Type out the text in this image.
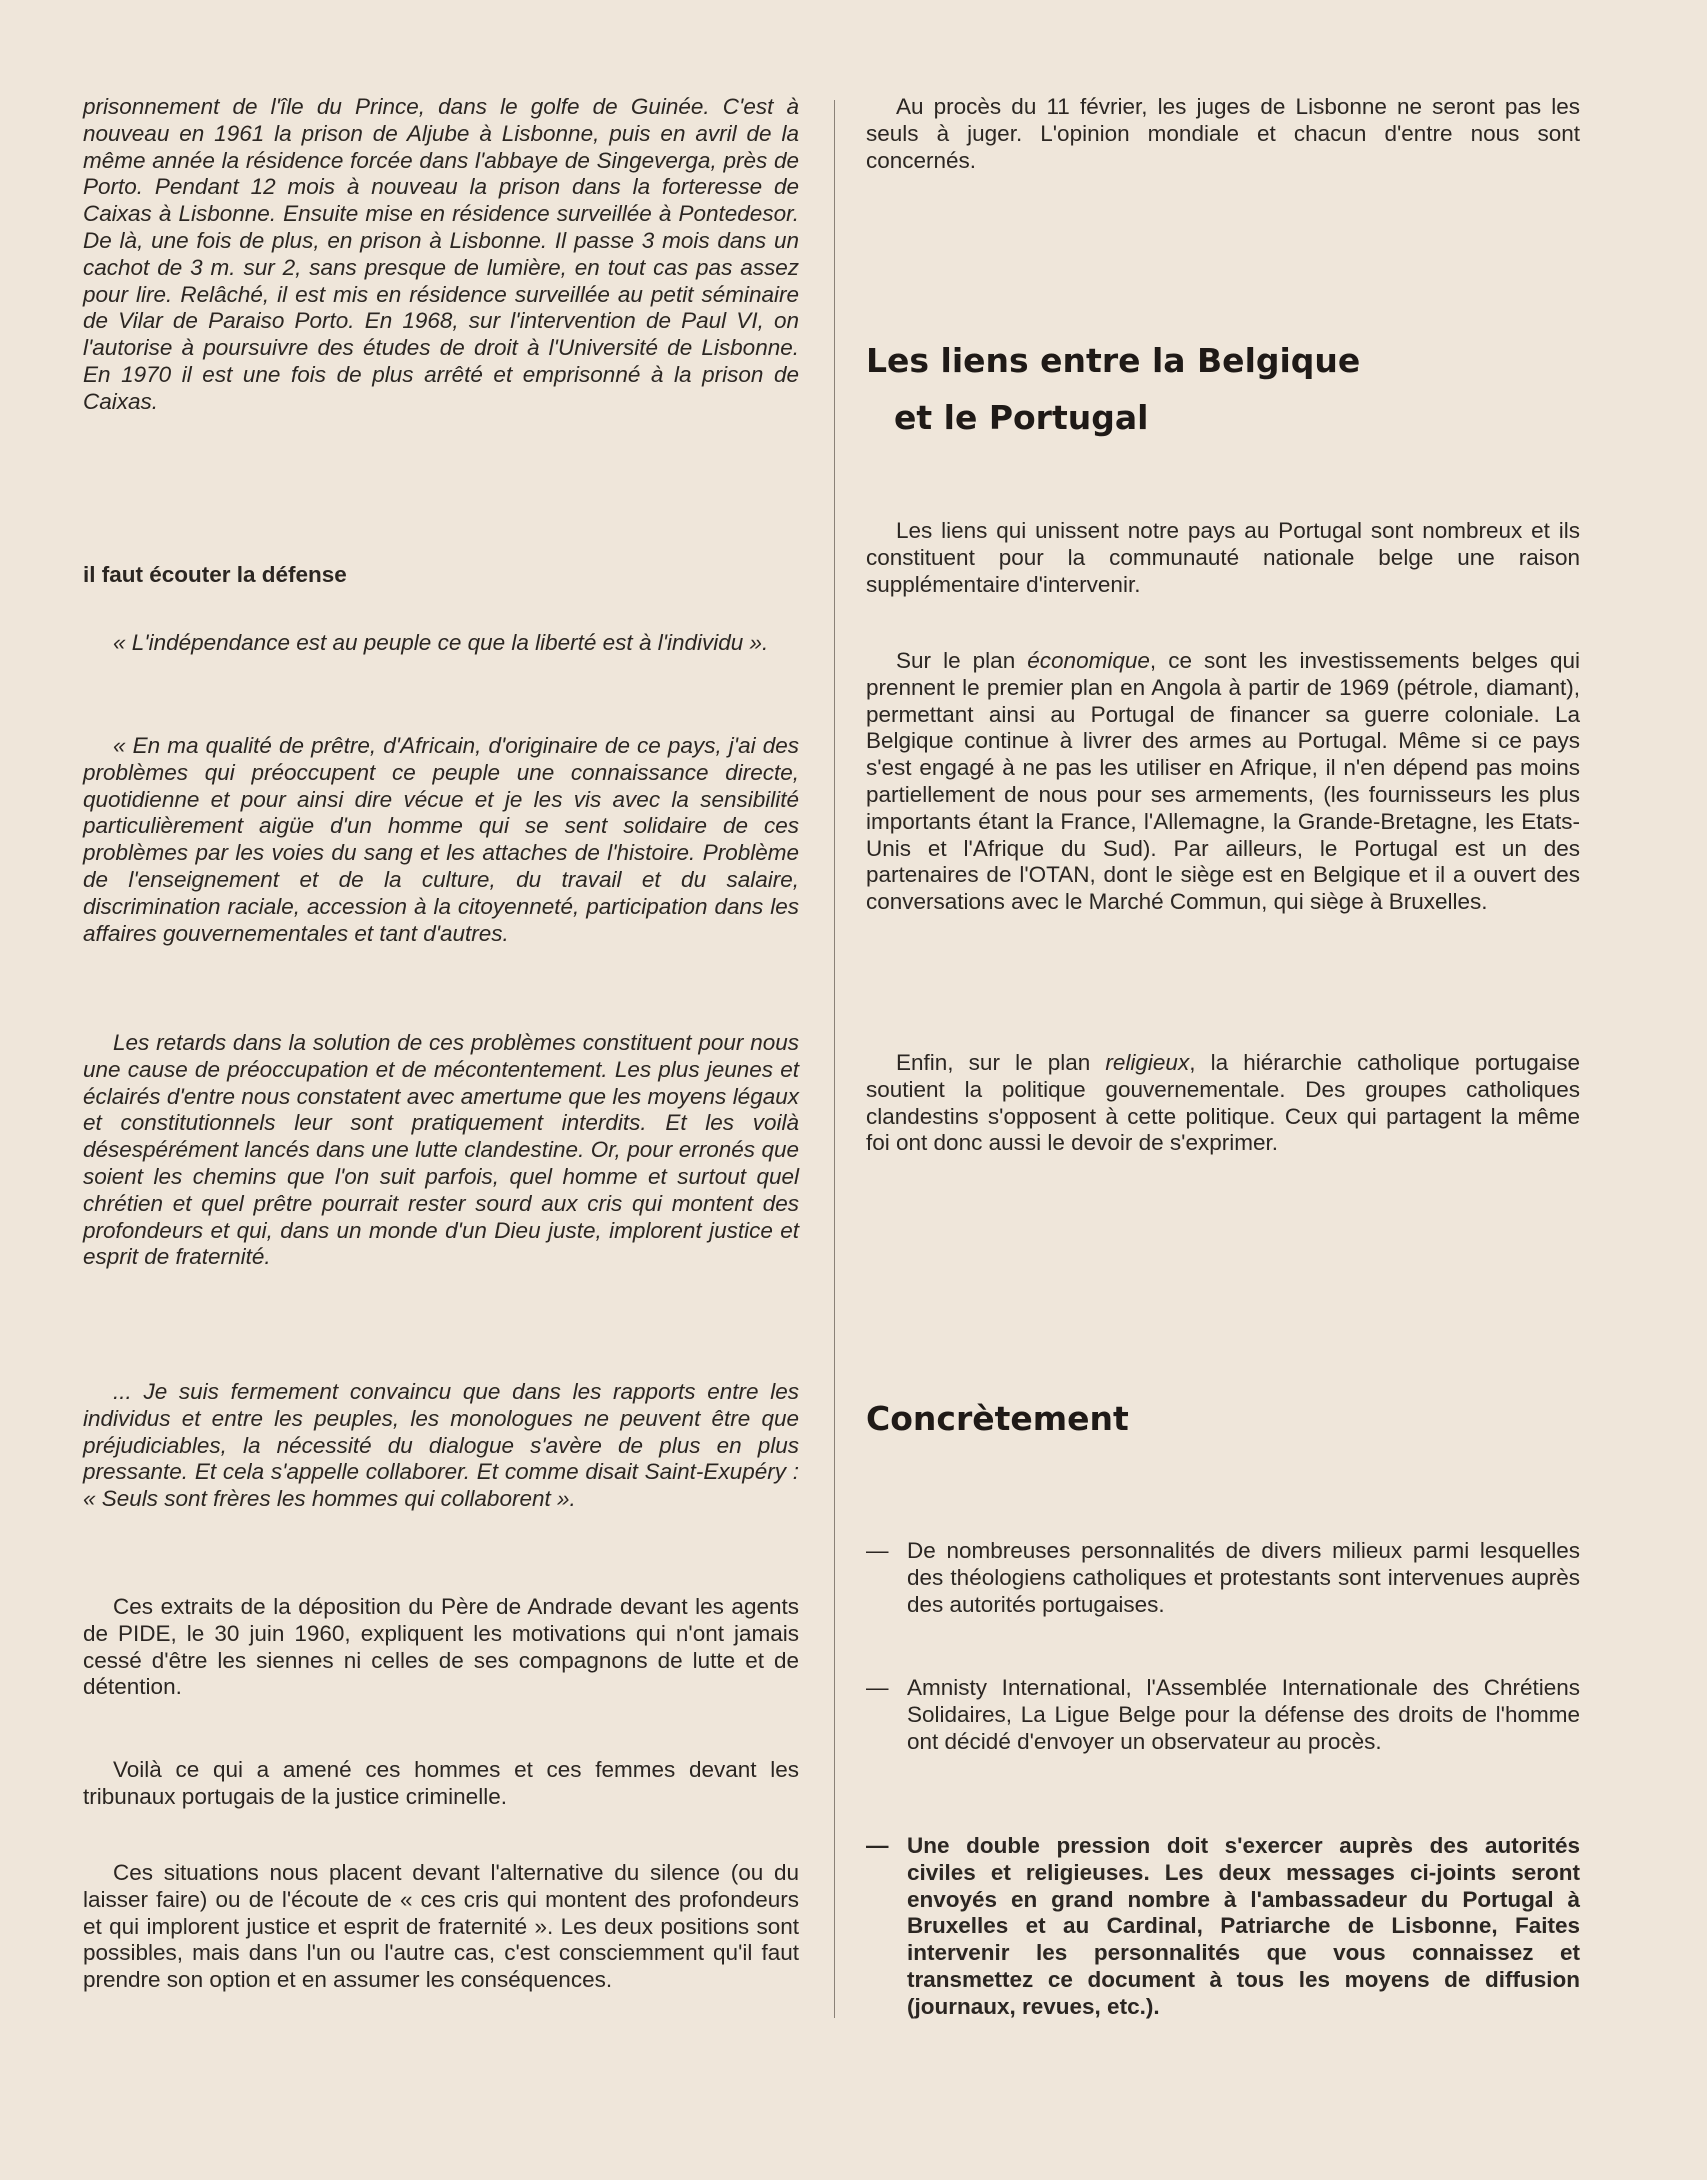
prisonnement de l'île du Prince, dans le golfe de Guinée. C'est à nouveau en 1961 la prison de Aljube à Lisbonne, puis en avril de la même année la résidence forcée dans l'abbaye de Singeverga, près de Porto. Pendant 12 mois à nouveau la prison dans la forteresse de Caixas à Lisbonne. Ensuite mise en résidence surveillée à Pontedesor. De là, une fois de plus, en prison à Lisbonne. Il passe 3 mois dans un cachot de 3 m. sur 2, sans presque de lumière, en tout cas pas assez pour lire. Relâché, il est mis en résidence surveillée au petit séminaire de Vilar de Paraiso Porto. En 1968, sur l'intervention de Paul VI, on l'autorise à poursuivre des études de droit à l'Université de Lisbonne. En 1970 il est une fois de plus arrêté et emprisonné à la prison de Caixas.

il faut écouter la défense

« L'indépendance est au peuple ce que la liberté est à l'individu ».

« En ma qualité de prêtre, d'Africain, d'originaire de ce pays, j'ai des problèmes qui préoccupent ce peuple une connaissance directe, quotidienne et pour ainsi dire vécue et je les vis avec la sensibilité particulièrement aigüe d'un homme qui se sent solidaire de ces problèmes par les voies du sang et les attaches de l'histoire. Problème de l'enseignement et de la culture, du travail et du salaire, discrimination raciale, accession à la citoyenneté, participation dans les affaires gouvernementales et tant d'autres.

Les retards dans la solution de ces problèmes constituent pour nous une cause de préoccupation et de mécontentement. Les plus jeunes et éclairés d'entre nous constatent avec amertume que les moyens légaux et constitutionnels leur sont pratiquement interdits. Et les voilà désespérément lancés dans une lutte clandestine. Or, pour erronés que soient les chemins que l'on suit parfois, quel homme et surtout quel chrétien et quel prêtre pourrait rester sourd aux cris qui montent des profondeurs et qui, dans un monde d'un Dieu juste, implorent justice et esprit de fraternité.

... Je suis fermement convaincu que dans les rapports entre les individus et entre les peuples, les monologues ne peuvent être que préjudiciables, la nécessité du dialogue s'avère de plus en plus pressante. Et cela s'appelle collaborer. Et comme disait Saint-Exupéry : « Seuls sont frères les hommes qui collaborent ».

Ces extraits de la déposition du Père de Andrade devant les agents de PIDE, le 30 juin 1960, expliquent les motivations qui n'ont jamais cessé d'être les siennes ni celles de ses compagnons de lutte et de détention.

Voilà ce qui a amené ces hommes et ces femmes devant les tribunaux portugais de la justice criminelle.

Ces situations nous placent devant l'alternative du silence (ou du laisser faire) ou de l'écoute de « ces cris qui montent des profondeurs et qui implorent justice et esprit de fraternité ». Les deux positions sont possibles, mais dans l'un ou l'autre cas, c'est consciemment qu'il faut prendre son option et en assumer les conséquences.

Au procès du 11 février, les juges de Lisbonne ne seront pas les seuls à juger. L'opinion mondiale et chacun d'entre nous sont concernés.

Les liens entre la Belgique
et le Portugal

Les liens qui unissent notre pays au Portugal sont nombreux et ils constituent pour la communauté nationale belge une raison supplémentaire d'intervenir.

Sur le plan économique, ce sont les investissements belges qui prennent le premier plan en Angola à partir de 1969 (pétrole, diamant), permettant ainsi au Portugal de financer sa guerre coloniale. La Belgique continue à livrer des armes au Portugal. Même si ce pays s'est engagé à ne pas les utiliser en Afrique, il n'en dépend pas moins partiellement de nous pour ses armements, (les fournisseurs les plus importants étant la France, l'Allemagne, la Grande-Bretagne, les Etats-Unis et l'Afrique du Sud). Par ailleurs, le Portugal est un des partenaires de l'OTAN, dont le siège est en Belgique et il a ouvert des conversations avec le Marché Commun, qui siège à Bruxelles.

Enfin, sur le plan religieux, la hiérarchie catholique portugaise soutient la politique gouvernementale. Des groupes catholiques clandestins s'opposent à cette politique. Ceux qui partagent la même foi ont donc aussi le devoir de s'exprimer.

Concrètement
— De nombreuses personnalités de divers milieux parmi lesquelles des théologiens catholiques et protestants sont intervenues auprès des autorités portugaises.

— Amnisty International, l'Assemblée Internationale des Chrétiens Solidaires, La Ligue Belge pour la défense des droits de l'homme ont décidé d'envoyer un observateur au procès.

— Une double pression doit s'exercer auprès des autorités civiles et religieuses. Les deux messages ci-joints seront envoyés en grand nombre à l'ambassadeur du Portugal à Bruxelles et au Cardinal, Patriarche de Lisbonne, Faites intervenir les personnalités que vous connaissez et transmettez ce document à tous les moyens de diffusion (journaux, revues, etc.).
